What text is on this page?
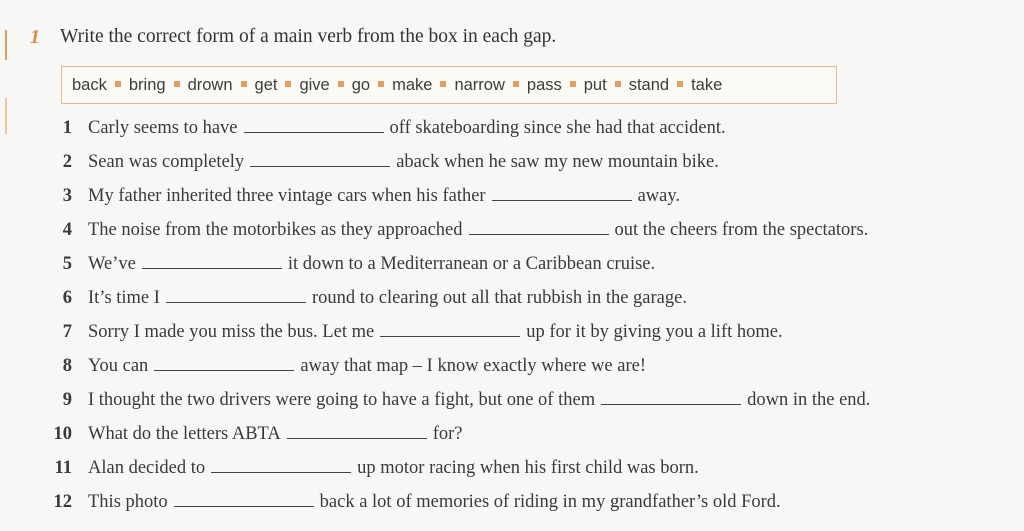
1 Write the correct form of a main verb from the box in each gap.
back bring drown get give go make narrow pass put stand take
1 Carly seems to have	off skateboarding since she had that accident.
2 Sean was completely	aback when he saw my new mountain bike.
3 My father inherited three vintage cars when his father	away.
4 The noise from the motorbikes as they approached	out the cheers from the spectators.
5 We’ve	it down to a Mediterranean or a Caribbean cruise.
6 It’s time I	round to clearing out all that rubbish in the garage.
7 Sorry I made you miss the bus. Let me	up for it by giving you a lift home.
8 You can	away that map – I know exactly where we are!
9 I thought the two drivers were going to have a fight, but one of them	down in the end.
10 What do the letters ABTA	for?
11 Alan decided to	up motor racing when his first child was born.
12 This photo	back a lot of memories of riding in my grandfather’s old Ford.
